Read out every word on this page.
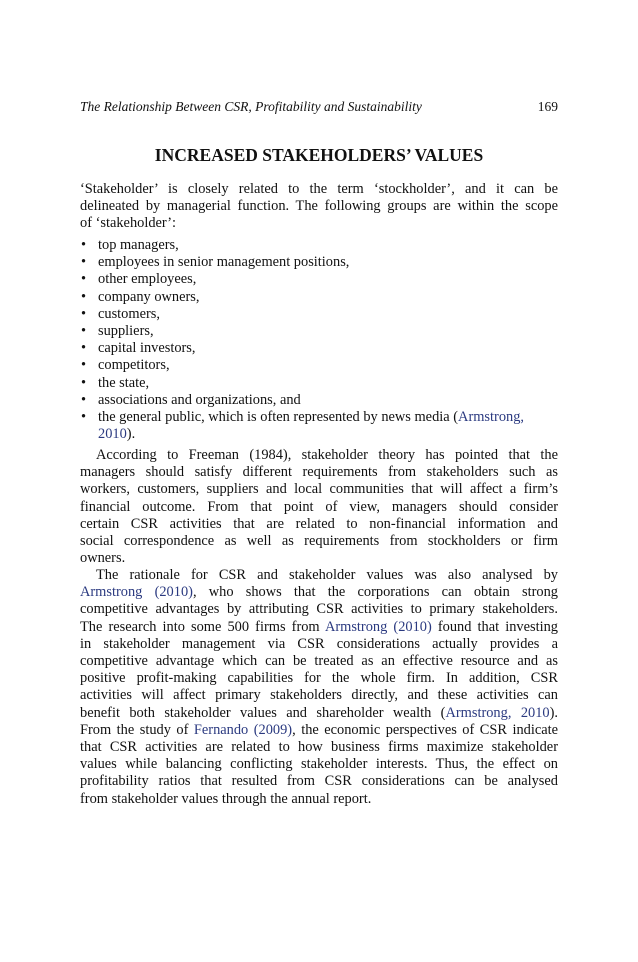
The Relationship Between CSR, Profitability and Sustainability	169
INCREASED STAKEHOLDERS’ VALUES
‘Stakeholder’ is closely related to the term ‘stockholder’, and it can be
delineated by managerial function. The following groups are within the scope
of ‘stakeholder’:
• top managers,
• employees in senior management positions,
• other employees,
• company owners,
• customers,
• suppliers,
• capital investors,
• competitors,
• the state,
• associations and organizations, and
• the general public, which is often represented by news media (Armstrong,
2010).
According to Freeman (1984), stakeholder theory has pointed that the
managers should satisfy different requirements from stakeholders such as
workers, customers, suppliers and local communities that will affect a firm’s
financial outcome. From that point of view, managers should consider
certain CSR activities that are related to non-financial information and
social correspondence as well as requirements from stockholders or firm
owners.
The rationale for CSR and stakeholder values was also analysed by
Armstrong (2010), who shows that the corporations can obtain strong
competitive advantages by attributing CSR activities to primary stakeholders.
The research into some 500 firms from Armstrong (2010) found that investing
in stakeholder management via CSR considerations actually provides a
competitive advantage which can be treated as an effective resource and as
positive profit-making capabilities for the whole firm. In addition, CSR
activities will affect primary stakeholders directly, and these activities can
benefit both stakeholder values and shareholder wealth (Armstrong, 2010).
From the study of Fernando (2009), the economic perspectives of CSR indicate
that CSR activities are related to how business firms maximize stakeholder
values while balancing conflicting stakeholder interests. Thus, the effect on
profitability ratios that resulted from CSR considerations can be analysed
from stakeholder values through the annual report.
